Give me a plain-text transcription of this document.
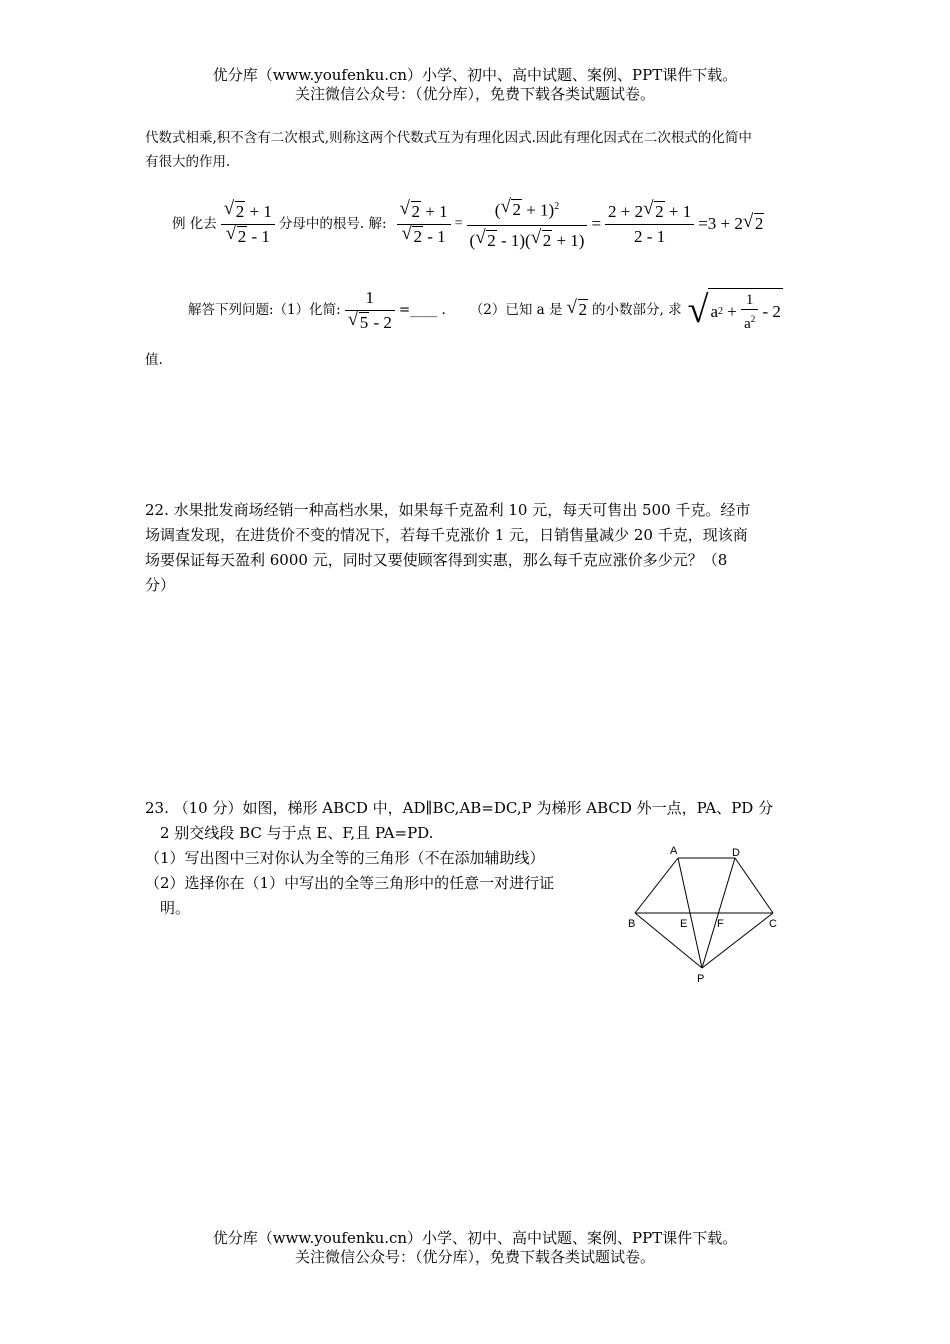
优分库（www.youfenku.cn）小学、初中、高中试题、案例、PPT课件下载。
关注微信公众号：（优分库），免费下载各类试题试卷。
代数式相乘,积不含有二次根式,则称这两个代数式互为有理化因式.因此有理化因式在二次根式的化简中
有很大的作用.
例 化去 $\frac{√ 2 + 1}{√ 2 - 1}$ 分母中的根号. 解: $\frac{√ 2 + 1}{√ 2 - 1} = \frac{( √ 2 + 1)^2}{( √ 2 - 1)( √ 2 + 1)} = \frac{2 + 2 √ 2 + 1}{2 - 1} =3 + 2$ √ 2
解答下列问题:（1）化简: $\frac{1}{√ 5 - 2}$ =____ . （2）已知 a 是 √ 2 的小数部分, 求 √ a $2 + \frac{1}{a^2} - 2$
值.
22. 水果批发商场经销一种高档水果，如果每千克盈利 10 元，每天可售出 500 千克。经市
场调查发现，在进货价不变的情况下，若每千克涨价 1 元，日销售量减少 20 千克，现该商
场要保证每天盈利 6000 元，同时又要使顾客得到实惠，那么每千克应涨价多少元？（8
分）
23. （10 分）如图，梯形 ABCD 中，AD∥BC,AB=DC,P 为梯形 ABCD 外一点，PA、PD 分
2 别交线段 BC 与于点 E、F,且 PA=PD.
（1）写出图中三对你认为全等的三角形（不在添加辅助线）
（2）选择你在（1）中写出的全等三角形中的任意一对进行证
明。
A	D
B	E	F	C
P
优分库（www.youfenku.cn）小学、初中、高中试题、案例、PPT课件下载。
关注微信公众号：（优分库），免费下载各类试题试卷。
